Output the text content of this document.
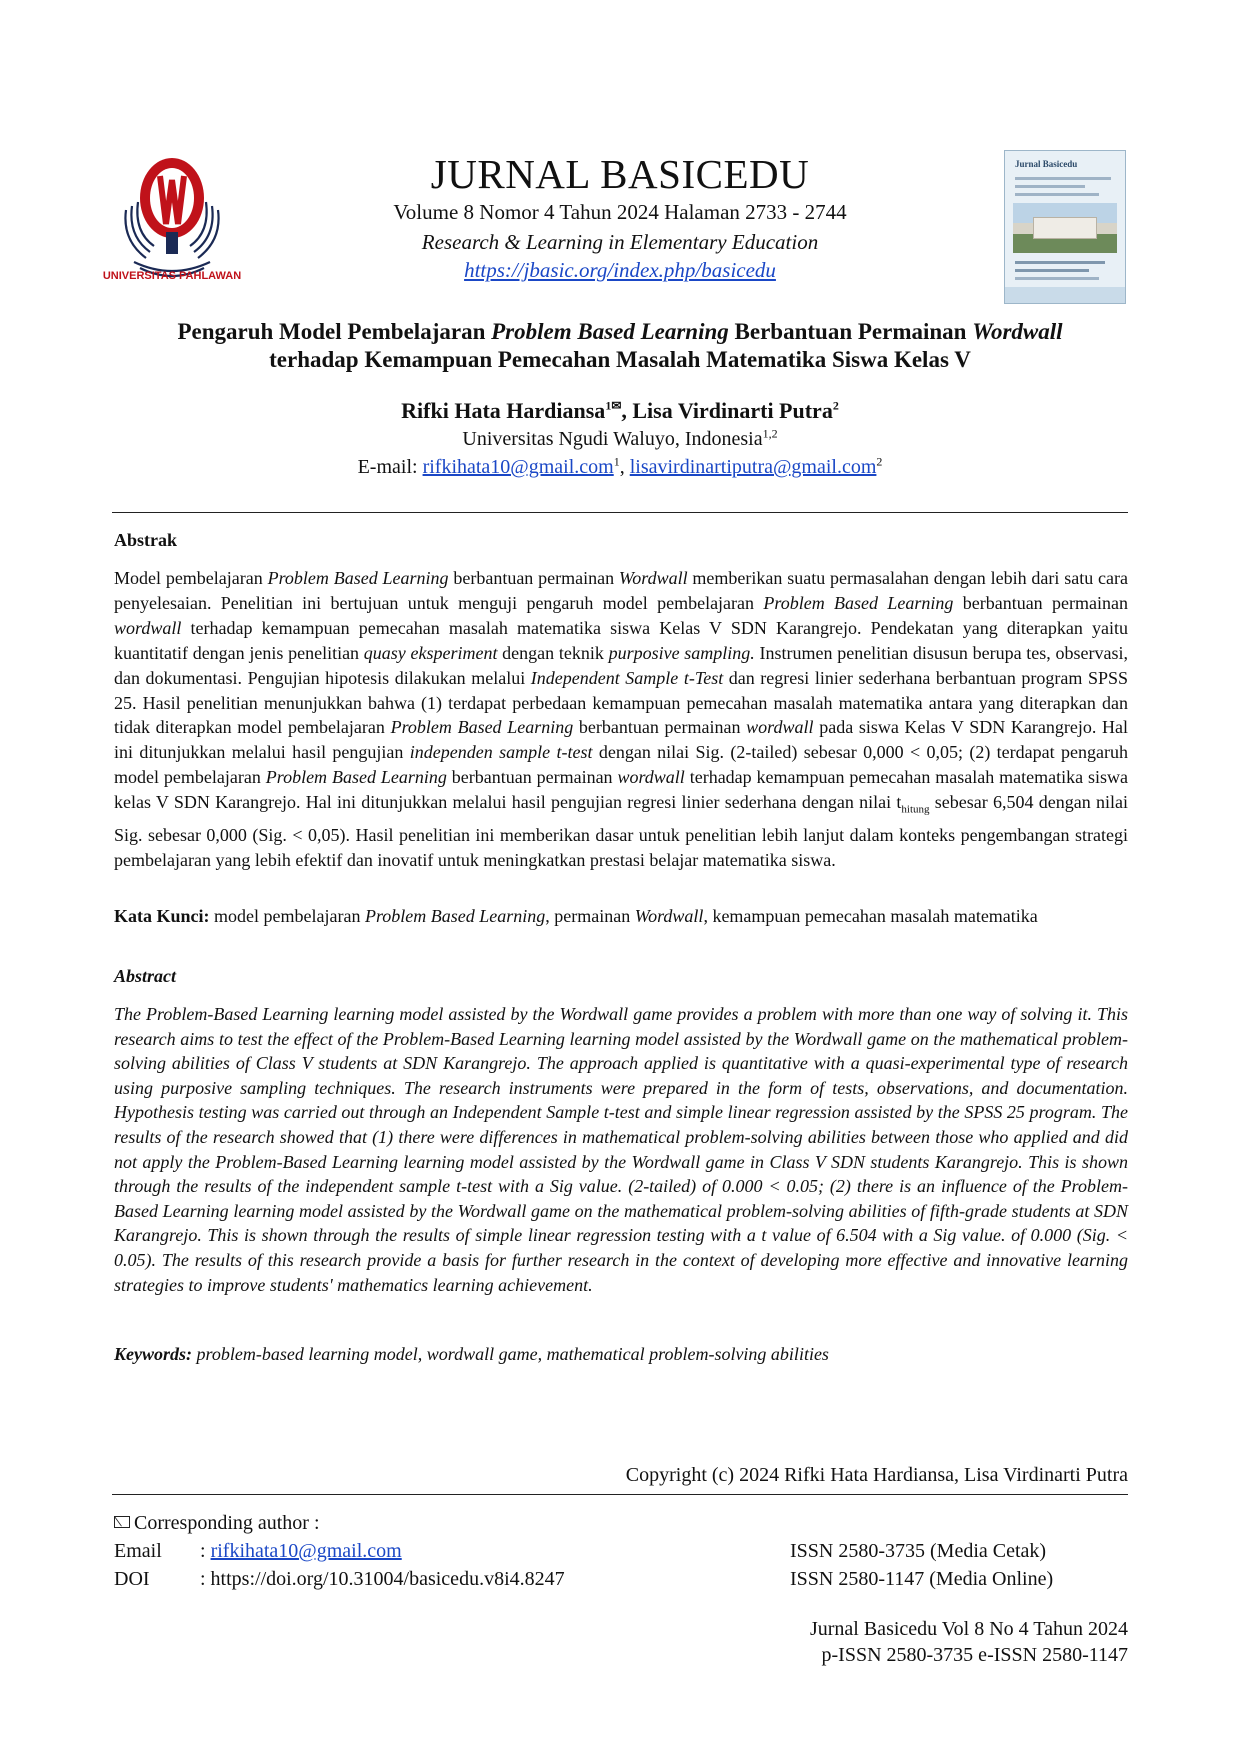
UNIVERSITAS PAHLAWAN
Jurnal Basicedu
JURNAL BASICEDU
Volume 8 Nomor 4 Tahun 2024 Halaman 2733 - 2744
Research & Learning in Elementary Education
https://jbasic.org/index.php/basicedu
Pengaruh Model Pembelajaran Problem Based Learning Berbantuan Permainan Wordwall
terhadap Kemampuan Pemecahan Masalah Matematika Siswa Kelas V
Rifki Hata Hardiansa$^{1✉}$, Lisa Virdinarti Putra$^2$
Universitas Ngudi Waluyo, Indonesia$^{1,2}$
E-mail: rifkihata10@gmail.com$^1$, lisavirdinartiputra@gmail.com$^2$
Abstrak
Model pembelajaran Problem Based Learning berbantuan permainan Wordwall memberikan suatu permasalahan dengan lebih dari satu cara penyelesaian. Penelitian ini bertujuan untuk menguji pengaruh model pembelajaran Problem Based Learning berbantuan permainan wordwall terhadap kemampuan pemecahan masalah matematika siswa Kelas V SDN Karangrejo. Pendekatan yang diterapkan yaitu kuantitatif dengan jenis penelitian quasy eksperiment dengan teknik purposive sampling. Instrumen penelitian disusun berupa tes, observasi, dan dokumentasi. Pengujian hipotesis dilakukan melalui Independent Sample t-Test dan regresi linier sederhana berbantuan program SPSS 25. Hasil penelitian menunjukkan bahwa (1) terdapat perbedaan kemampuan pemecahan masalah matematika antara yang diterapkan dan tidak diterapkan model pembelajaran Problem Based Learning berbantuan permainan wordwall pada siswa Kelas V SDN Karangrejo. Hal ini ditunjukkan melalui hasil pengujian independen sample t-test dengan nilai Sig. (2-tailed) sebesar 0,000 < 0,05; (2) terdapat pengaruh model pembelajaran Problem Based Learning berbantuan permainan wordwall terhadap kemampuan pemecahan masalah matematika siswa kelas V SDN Karangrejo. Hal ini ditunjukkan melalui hasil pengujian regresi linier sederhana dengan nilai $t_{hitung}$ sebesar 6,504 dengan nilai Sig. sebesar 0,000 (Sig. < 0,05). Hasil penelitian ini memberikan dasar untuk penelitian lebih lanjut dalam konteks pengembangan strategi pembelajaran yang lebih efektif dan inovatif untuk meningkatkan prestasi belajar matematika siswa.
Kata Kunci: model pembelajaran Problem Based Learning, permainan Wordwall, kemampuan pemecahan masalah matematika
Abstract
The Problem-Based Learning learning model assisted by the Wordwall game provides a problem with more than one way of solving it. This research aims to test the effect of the Problem-Based Learning learning model assisted by the Wordwall game on the mathematical problem-solving abilities of Class V students at SDN Karangrejo. The approach applied is quantitative with a quasi-experimental type of research using purposive sampling techniques. The research instruments were prepared in the form of tests, observations, and documentation. Hypothesis testing was carried out through an Independent Sample t-test and simple linear regression assisted by the SPSS 25 program. The results of the research showed that (1) there were differences in mathematical problem-solving abilities between those who applied and did not apply the Problem-Based Learning learning model assisted by the Wordwall game in Class V SDN students Karangrejo. This is shown through the results of the independent sample t-test with a Sig value. (2-tailed) of 0.000 < 0.05; (2) there is an influence of the Problem-Based Learning learning model assisted by the Wordwall game on the mathematical problem-solving abilities of fifth-grade students at SDN Karangrejo. This is shown through the results of simple linear regression testing with a t value of 6.504 with a Sig value. of 0.000 (Sig. < 0.05). The results of this research provide a basis for further research in the context of developing more effective and innovative learning strategies to improve students' mathematics learning achievement.
Keywords: problem-based learning model, wordwall game, mathematical problem-solving abilities
Copyright (c) 2024 Rifki Hata Hardiansa, Lisa Virdinarti Putra
Corresponding author :
Email : rifkihata10@gmail.com
DOI	: https://doi.org/10.31004/basicedu.v8i4.8247
ISSN 2580-3735 (Media Cetak)
ISSN 2580-1147 (Media Online)
Jurnal Basicedu Vol 8 No 4 Tahun 2024
p-ISSN 2580-3735 e-ISSN 2580-1147
